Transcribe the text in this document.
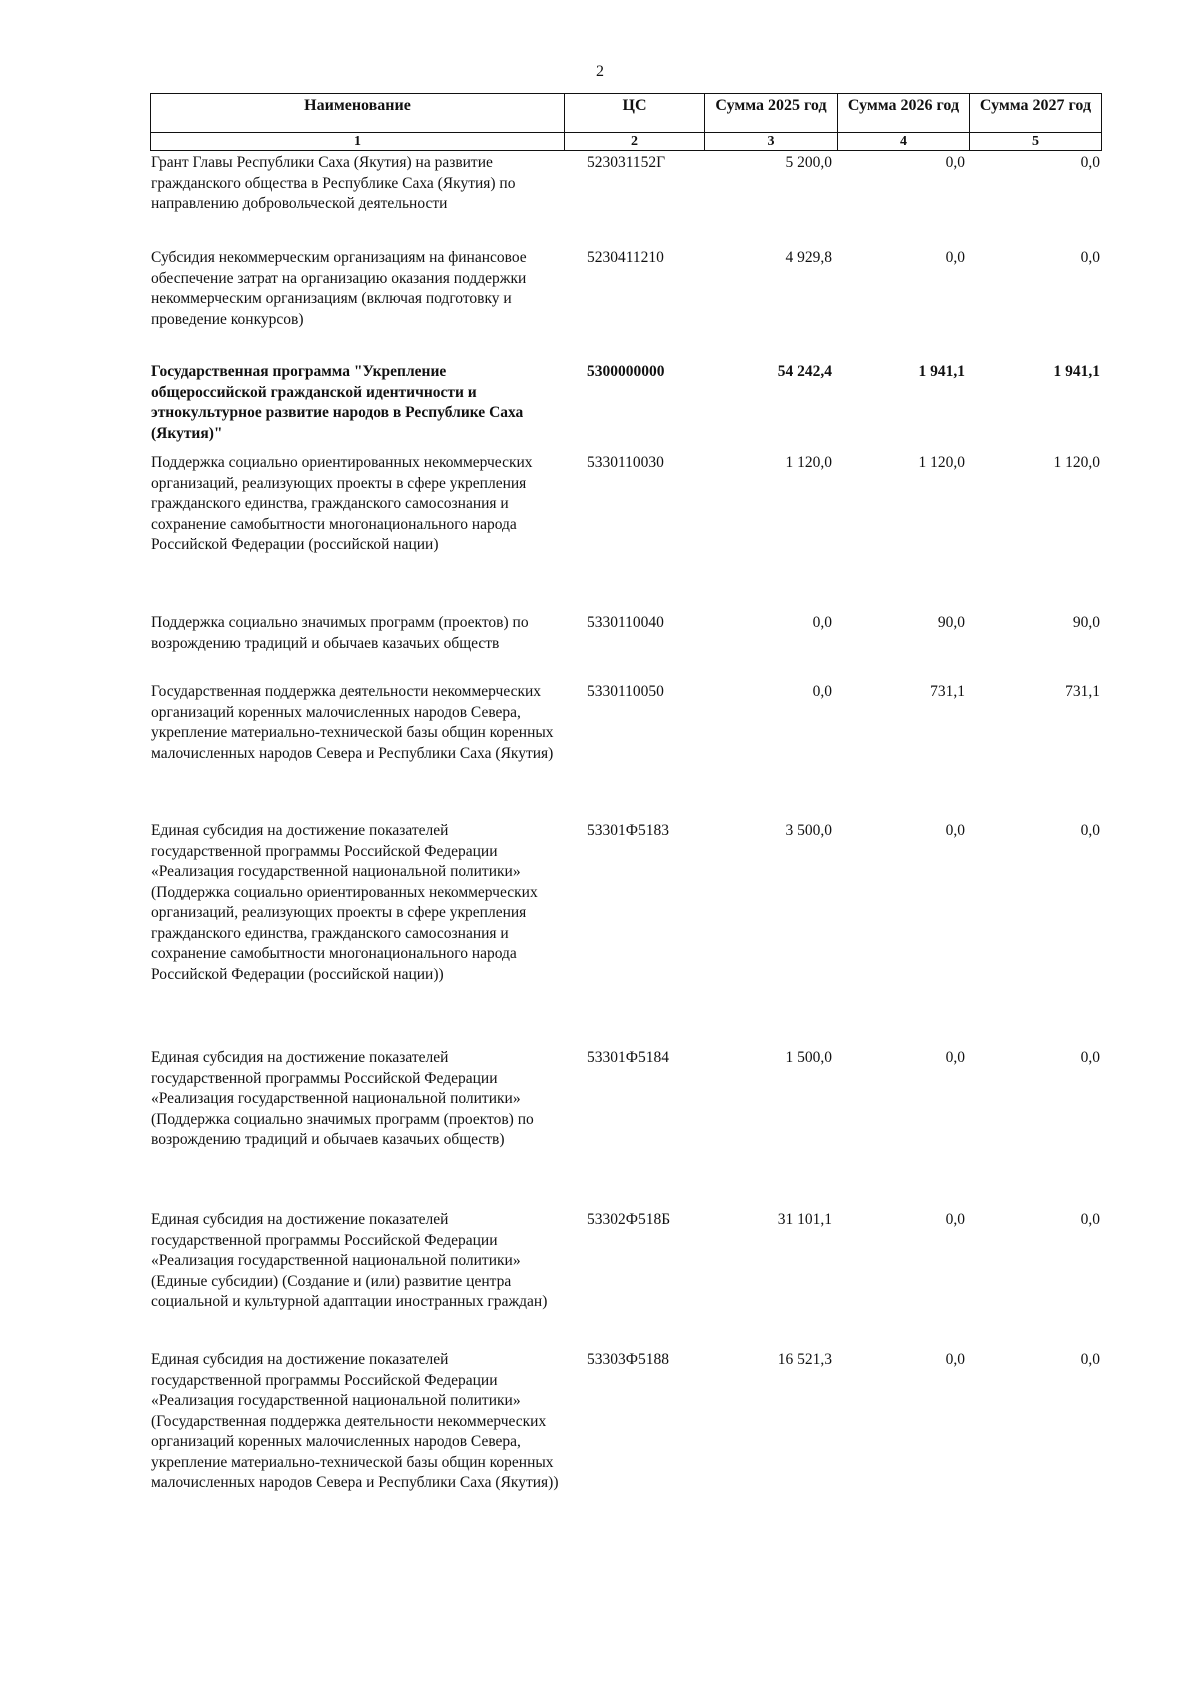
2
Наименование	ЦС	Сумма 2025 год	Сумма 2026 год	Сумма 2027 год
1	2	3	4	5
Грант Главы Республики Саха (Якутия) на развитие гражданского общества в Республике Саха (Якутия) по направлению добровольческой деятельности
523031152Г	5 200,0	0,0	0,0
Субсидия некоммерческим организациям на финансовое обеспечение затрат на организацию оказания поддержки некоммерческим организациям (включая подготовку и проведение конкурсов)
5230411210	4 929,8	0,0	0,0
Государственная программа "Укрепление общероссийской гражданской идентичности и этнокультурное развитие народов в Республике Саха (Якутия)"
5300000000	54 242,4	1 941,1	1 941,1
Поддержка социально ориентированных некоммерческих организаций, реализующих проекты в сфере укрепления гражданского единства, гражданского самосознания и сохранение самобытности многонационального народа Российской Федерации (российской нации)
5330110030	1 120,0	1 120,0	1 120,0
Поддержка социально значимых программ (проектов) по возрождению традиций и обычаев казачьих обществ
5330110040	0,0	90,0	90,0
Государственная поддержка деятельности некоммерческих организаций коренных малочисленных народов Севера, укрепление материально-технической базы общин коренных малочисленных народов Севера и Республики Саха (Якутия)
5330110050	0,0	731,1	731,1
Единая субсидия на достижение показателей государственной программы Российской Федерации «Реализация государственной национальной политики» (Поддержка социально ориентированных некоммерческих организаций, реализующих проекты в сфере укрепления гражданского единства, гражданского самосознания и сохранение самобытности многонационального народа Российской Федерации (российской нации))
53301Ф5183	3 500,0	0,0	0,0
Единая субсидия на достижение показателей государственной программы Российской Федерации «Реализация государственной национальной политики» (Поддержка социально значимых программ (проектов) по возрождению традиций и обычаев казачьих обществ)
53301Ф5184	1 500,0	0,0	0,0
Единая субсидия на достижение показателей государственной программы Российской Федерации «Реализация государственной национальной политики» (Единые субсидии) (Создание и (или) развитие центра социальной и культурной адаптации иностранных граждан)
53302Ф518Б	31 101,1	0,0	0,0
Единая субсидия на достижение показателей государственной программы Российской Федерации «Реализация государственной национальной политики» (Государственная поддержка деятельности некоммерческих организаций коренных малочисленных народов Севера, укрепление материально-технической базы общин коренных малочисленных народов Севера и Республики Саха (Якутия))
53303Ф5188	16 521,3	0,0	0,0
